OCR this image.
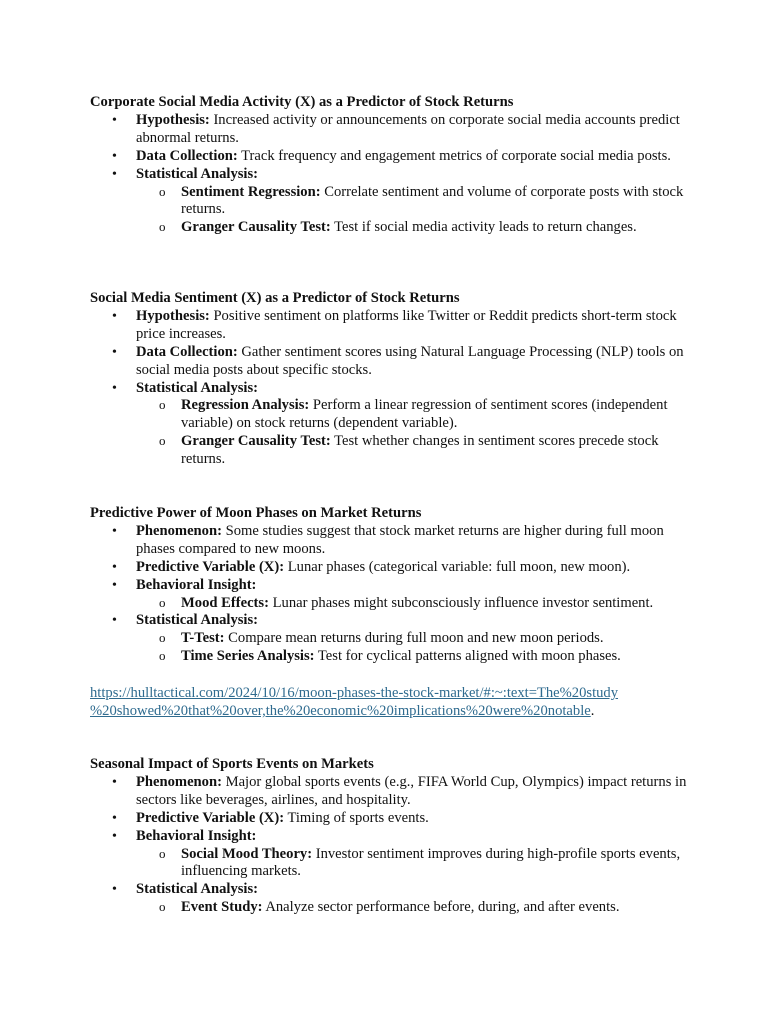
Corporate Social Media Activity (X) as a Predictor of Stock Returns

• Hypothesis: Increased activity or announcements on corporate social media accounts predict abnormal returns.
• Data Collection: Track frequency and engagement metrics of corporate social media posts.
• Statistical Analysis:
o Sentiment Regression: Correlate sentiment and volume of corporate posts with stock returns.
o Granger Causality Test: Test if social media activity leads to return changes.

Social Media Sentiment (X) as a Predictor of Stock Returns

• Hypothesis: Positive sentiment on platforms like Twitter or Reddit predicts short-term stock price increases.
• Data Collection: Gather sentiment scores using Natural Language Processing (NLP) tools on social media posts about specific stocks.
• Statistical Analysis:
o Regression Analysis: Perform a linear regression of sentiment scores (independent variable) on stock returns (dependent variable).
o Granger Causality Test: Test whether changes in sentiment scores precede stock returns.

Predictive Power of Moon Phases on Market Returns

• Phenomenon: Some studies suggest that stock market returns are higher during full moon phases compared to new moons.
• Predictive Variable (X): Lunar phases (categorical variable: full moon, new moon).
• Behavioral Insight:
o Mood Effects: Lunar phases might subconsciously influence investor sentiment.
• Statistical Analysis:
o T-Test: Compare mean returns during full moon and new moon periods.
o Time Series Analysis: Test for cyclical patterns aligned with moon phases.
https://hulltactical.com/2024/10/16/moon-phases-the-stock-market/#:~:text=The%20study
%20showed%20that%20over,the%20economic%20implications%20were%20notable.

Seasonal Impact of Sports Events on Markets

• Phenomenon: Major global sports events (e.g., FIFA World Cup, Olympics) impact returns in sectors like beverages, airlines, and hospitality.
• Predictive Variable (X): Timing of sports events.
• Behavioral Insight:
o Social Mood Theory: Investor sentiment improves during high-profile sports events, influencing markets.
• Statistical Analysis:
o Event Study: Analyze sector performance before, during, and after events.
